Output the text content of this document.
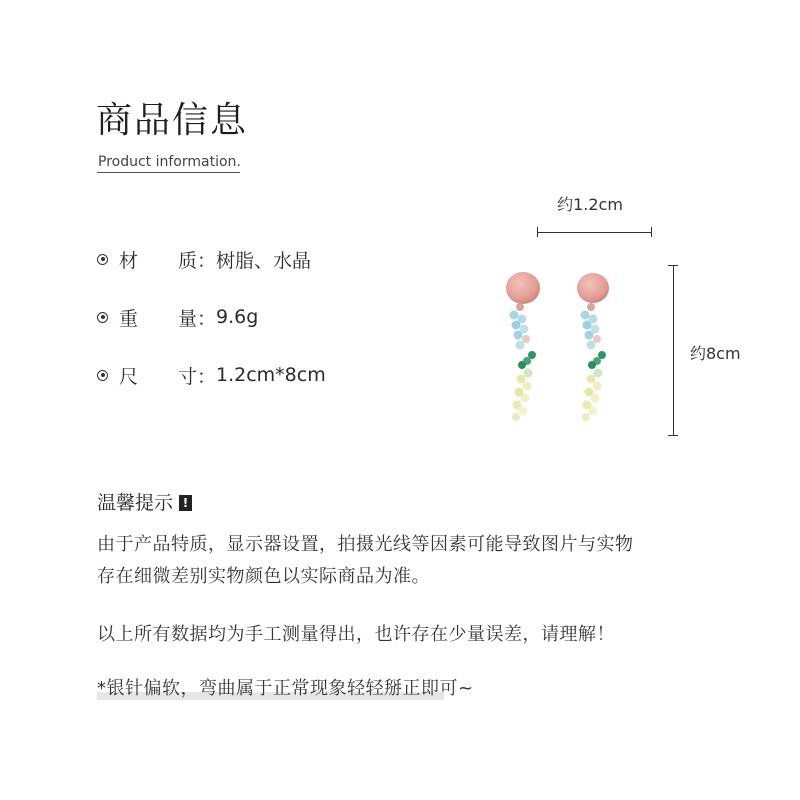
商品信息
Product information.
材 质： 树脂、水晶
重 量： 9.6g
尺 寸： 1.2cm*8cm
约1.2cm
约8cm
温馨提示 !
由于产品特质，显示器设置，拍摄光线等因素可能导致图片与实物
存在细微差别实物颜色以实际商品为准。
以上所有数据均为手工测量得出，也许存在少量误差，请理解！
*银针偏软，弯曲属于正常现象轻轻掰正即可~
